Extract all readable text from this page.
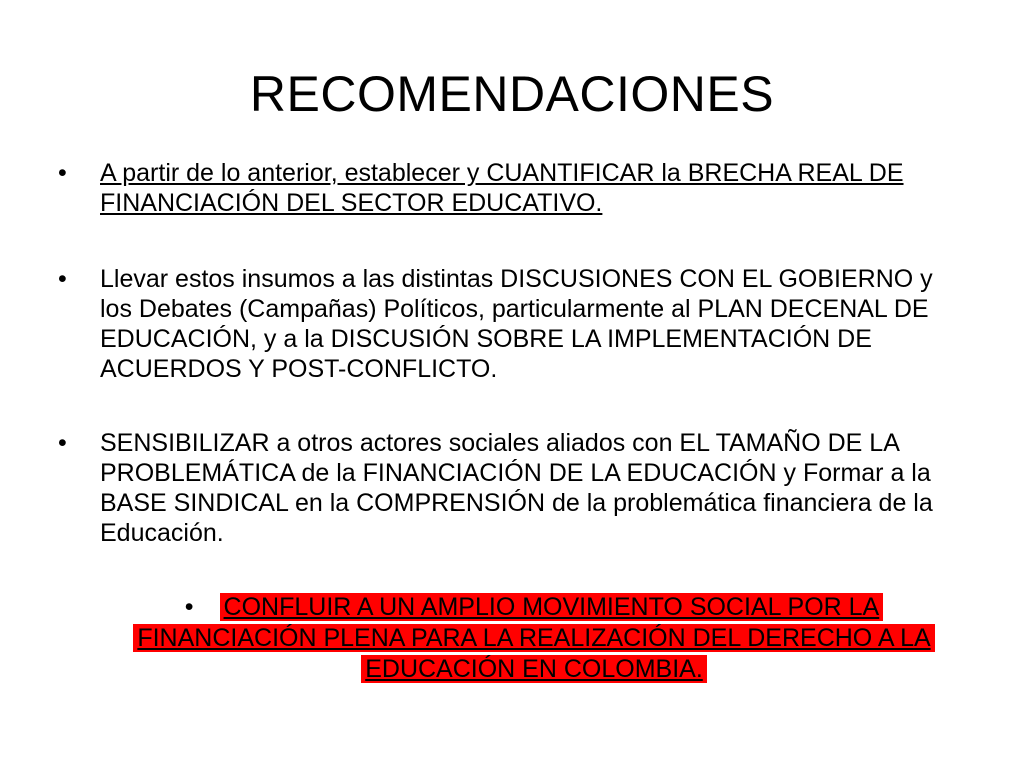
RECOMENDACIONES
•	A partir de lo anterior, establecer y CUANTIFICAR la BRECHA REAL DE FINANCIACIÓN DEL SECTOR EDUCATIVO.
•	Llevar estos insumos a las distintas DISCUSIONES CON EL GOBIERNO y los Debates (Campañas) Políticos, particularmente al PLAN DECENAL DE EDUCACIÓN, y a la DISCUSIÓN SOBRE LA IMPLEMENTACIÓN DE ACUERDOS Y POST-CONFLICTO.
•	SENSIBILIZAR a otros actores sociales aliados con EL TAMAÑO DE LA PROBLEMÁTICA de la FINANCIACIÓN DE LA EDUCACIÓN y Formar a la BASE SINDICAL en la COMPRENSIÓN de la problemática financiera de la Educación.
• CONFLUIR A UN AMPLIO MOVIMIENTO SOCIAL POR LA FINANCIACIÓN PLENA PARA LA REALIZACIÓN DEL DERECHO A LA EDUCACIÓN EN COLOMBIA.
